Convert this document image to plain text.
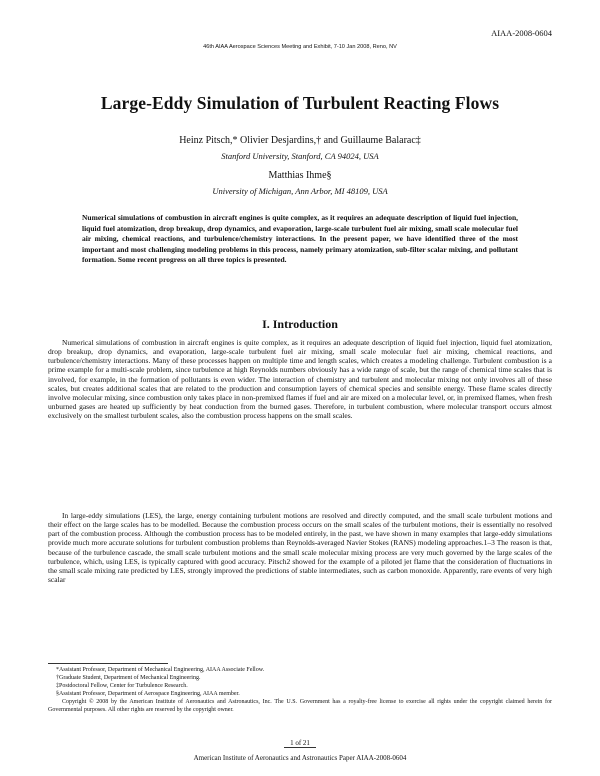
AIAA-2008-0604
46th AIAA Aerospace Sciences Meeting and Exhibit, 7-10 Jan 2008, Reno, NV
Large-Eddy Simulation of Turbulent Reacting Flows
Heinz Pitsch,* Olivier Desjardins,† and Guillaume Balarac‡
Stanford University, Stanford, CA 94024, USA
Matthias Ihme§
University of Michigan, Ann Arbor, MI 48109, USA
Numerical simulations of combustion in aircraft engines is quite complex, as it requires an adequate description of liquid fuel injection, liquid fuel atomization, drop breakup, drop dynamics, and evaporation, large-scale turbulent fuel air mixing, small scale molecular fuel air mixing, chemical reactions, and turbulence/chemistry interactions. In the present paper, we have identified three of the most important and most challenging modeling problems in this process, namely primary atomization, sub-filter scalar mixing, and pollutant formation. Some recent progress on all three topics is presented.
I. Introduction
Numerical simulations of combustion in aircraft engines is quite complex, as it requires an adequate description of liquid fuel injection, liquid fuel atomization, drop breakup, drop dynamics, and evaporation, large-scale turbulent fuel air mixing, small scale molecular fuel air mixing, chemical reactions, and turbulence/chemistry interactions. Many of these processes happen on multiple time and length scales, which creates a modeling challenge. Turbulent combustion is a prime example for a multi-scale problem, since turbulence at high Reynolds numbers obviously has a wide range of scale, but the range of chemical time scales that is involved, for example, in the formation of pollutants is even wider. The interaction of chemistry and turbulent and molecular mixing not only involves all of these scales, but creates additional scales that are related to the production and consumption layers of chemical species and sensible energy. These flame scales directly involve molecular mixing, since combustion only takes place in non-premixed flames if fuel and air are mixed on a molecular level, or, in premixed flames, when fresh unburned gases are heated up sufficiently by heat conduction from the burned gases. Therefore, in turbulent combustion, where molecular transport occurs almost exclusively on the smallest turbulent scales, also the combustion process happens on the small scales.
In large-eddy simulations (LES), the large, energy containing turbulent motions are resolved and directly computed, and the small scale turbulent motions and their effect on the large scales has to be modelled. Because the combustion process occurs on the small scales of the turbulent motions, their is essentially no resolved part of the combustion process. Although the combustion process has to be modeled entirely, in the past, we have shown in many examples that large-eddy simulations provide much more accurate solutions for turbulent combustion problems than Reynolds-averaged Navier Stokes (RANS) modeling approaches.1–3 The reason is that, because of the turbulence cascade, the small scale turbulent motions and the small scale molecular mixing process are very much governed by the large scales of the turbulence, which, using LES, is typically captured with good accuracy. Pitsch2 showed for the example of a piloted jet flame that the consideration of fluctuations in the small scale mixing rate predicted by LES, strongly improved the predictions of stable intermediates, such as carbon monoxide. Apparently, rare events of very high scalar

*Assistant Professor, Department of Mechanical Engineering, AIAA Associate Fellow.

†Graduate Student, Department of Mechanical Engineering.

‡Postdoctoral Fellow, Center for Turbulence Research.

§Assistant Professor, Department of Aerospace Engineering, AIAA member.

Copyright © 2008 by the American Institute of Aeronautics and Astronautics, Inc. The U.S. Government has a royalty-free license to exercise all rights under the copyright claimed herein for Governmental purposes. All other rights are reserved by the copyright owner.

1 of 21
American Institute of Aeronautics and Astronautics Paper AIAA-2008-0604
